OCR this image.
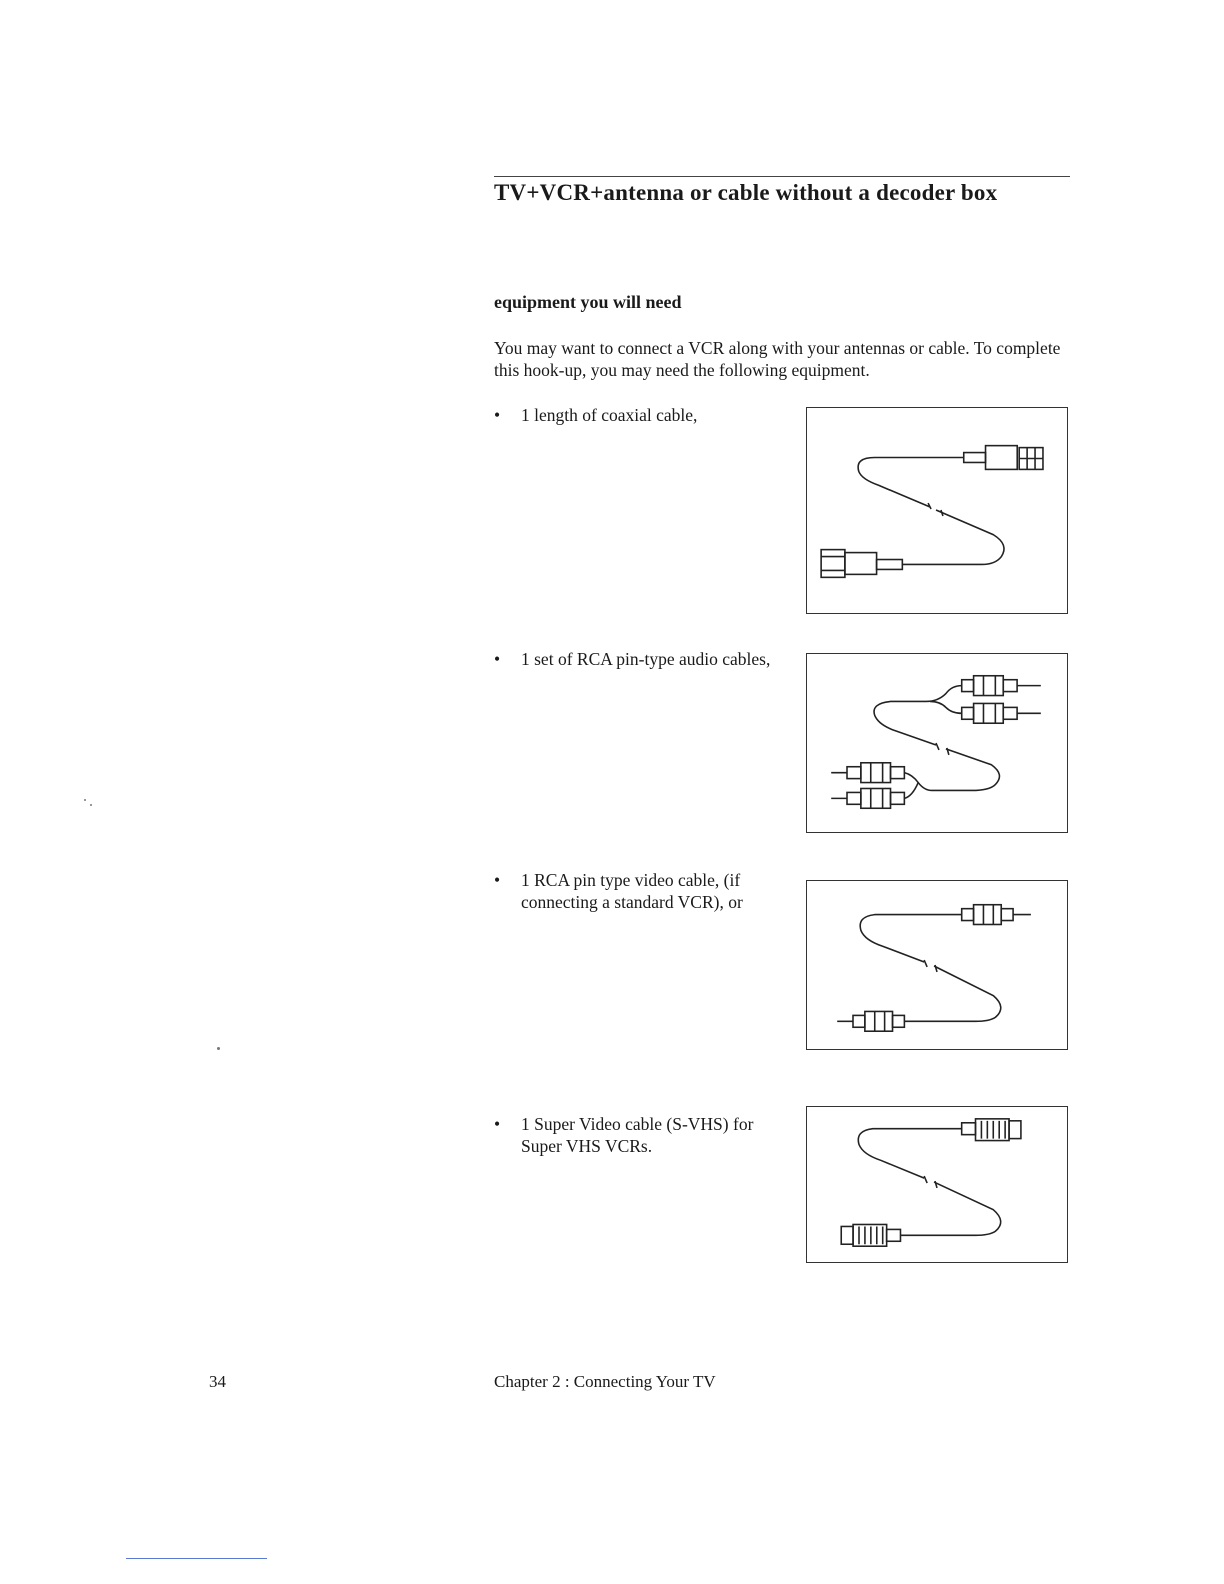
TV+VCR+antenna or cable without a decoder box
equipment you will need

You may want to connect a VCR along with your antennas or cable. To complete this hook-up, you may need the following equipment.

• 1 length of coaxial cable,
• 1 set of RCA pin-type audio cables,
• 1 RCA pin type video cable, (if connecting a standard VCR), or
• 1 Super Video cable (S-VHS) for Super VHS VCRs.

34	Chapter 2 : Connecting Your TV
